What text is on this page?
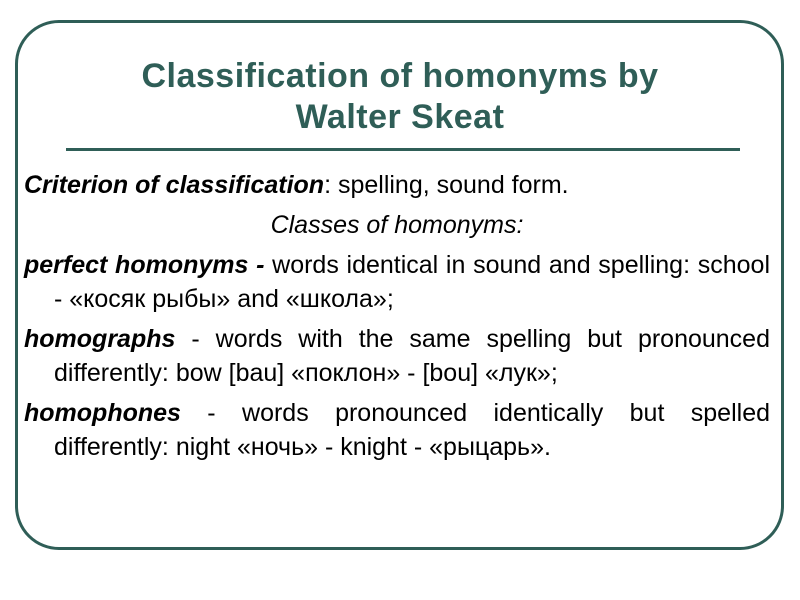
Classification of homonyms by
Walter Skeat

Criterion of classification: spelling, sound form.

Classes of homonyms:

perfect homonyms - words identical in sound and spelling: school - «косяк рыбы» and «школа»;

homographs - words with the same spelling but pronounced differently: bow [bau] «поклон» - [bou] «лук»;

homophones - words pronounced identically but spelled differently: night «ночь» - knight - «рыцарь».
